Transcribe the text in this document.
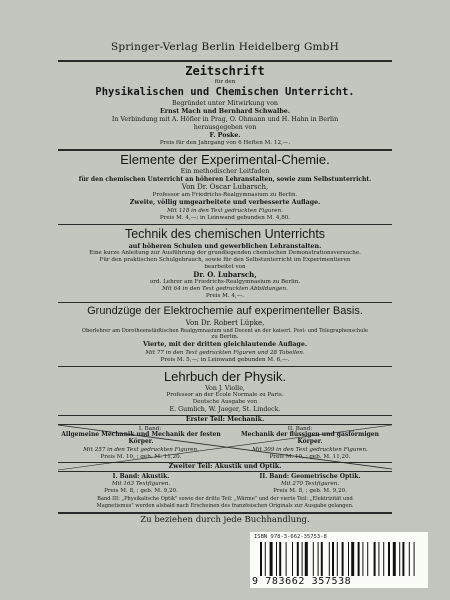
Springer-Verlag Berlin Heidelberg GmbH
Zeitschrift
für den
Physikalischen und Chemischen Unterricht.
Begründet unter Mitwirkung von
Ernst Mach und Bernhard Schwalbe.
In Verbindung mit A. Höfler in Prag, O. Ohmann und H. Hahn in Berlin
herausgegeben von
F. Poske.
Preis für den Jahrgang von 6 Heften M. 12,—.
Elemente der Experimental-Chemie.
Ein methodischer Leitfaden
für den chemischen Unterricht an höheren Lehranstalten, sowie zum Selbstunterricht.
Von Dr. Oscar Lubarsch,
Professor am Friedrichs-Realgymnasium zu Berlin.
Zweite, völlig umgearbeitete und verbesserte Auflage.
Mit 118 in den Text gedruckten Figuren.
Preis M. 4,—; in Leinwand gebunden M. 4,80.
Technik des chemischen Unterrichts
auf höheren Schulen und gewerblichen Lehranstalten.
Eine kurze Anleitung zur Ausführung der grundlegenden chemischen Demonstrationsversuche.
Für den praktischen Schulgebrauch, sowie für den Selbstunterricht im Experimentieren
bearbeitet von
Dr. O. Lubarsch,
ord. Lehrer am Friedrichs-Realgymnasium zu Berlin.
Mit 64 in den Text gedruckten Abbildungen.
Preis M. 4,—.
Grundzüge der Elektrochemie auf experimenteller Basis.
Von Dr. Robert Lüpke,
Oberlehrer am Dorotheenstädtischen Realgymnasium und Docent an der kaiserl. Post- und Telegraphenschule
zu Berlin.
Vierte, mit der dritten gleichlautende Auflage.
Mit 77 in den Text gedruckten Figuren und 28 Tabellen.
Preis M. 5,—; in Leinwand gebunden M. 6,—.
Lehrbuch der Physik.
Von J. Violle,
Professor an der Ecole Normale zu Paris.
Deutsche Ausgabe von
E. Gumlich, W. Jaeger, St. Lindeck.
Erster Teil: Mechanik.
I. Band:
Allgemeine Mechanik und Mechanik der festen Körper.
Mit 257 in den Text gedruckten Figuren.
Preis M. 10, ; geb. M. 11,20.
II. Band:
Mechanik der flüssigen und gasförmigen Körper.
Mit 309 in den Text gedruckten Figuren.
Preis M. 10, ; geb. M. 11,20.
Zweiter Teil: Akustik und Optik.
I. Band: Akustik.
Mit 163 Textfiguren.
Preis M. 8, ; geb. M. 9,20.
II. Band: Geometrische Optik.
Mit 270 Textfiguren.
Preis M. 8, ; geb. M. 9,20.
Band III: „Physikalische Optik" sowie der dritte Teil: „Wärme" und der vierte Teil: „Elektrizität und
Magnetismus" werden alsbald nach Erscheinen des französischen Originals zur Ausgabe gelangen.
Zu beziehen durch jede Buchhandlung.
ISBN 978-3-662-35753-8
9 783662 357538
